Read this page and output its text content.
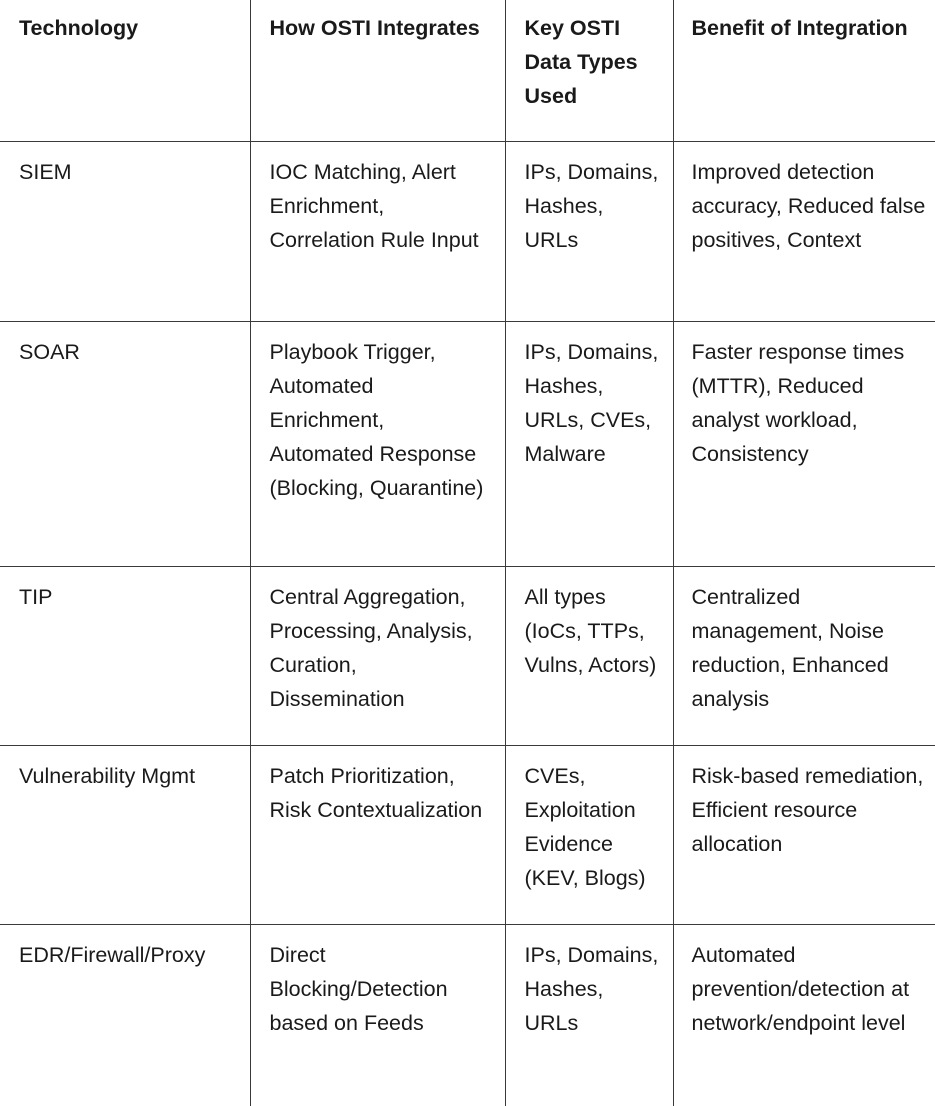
Technology	How OSTI Integrates	Key OSTI Data Types Used	Benefit of Integration
SIEM	IOC Matching, Alert Enrichment, Correlation Rule Input	IPs, Domains, Hashes, URLs	Improved detection accuracy, Reduced false positives, Context
SOAR	Playbook Trigger, Automated Enrichment, Automated Response (Blocking, Quarantine)	IPs, Domains, Hashes, URLs, CVEs, Malware	Faster response times (MTTR), Reduced analyst workload, Consistency
TIP	Central Aggregation, Processing, Analysis, Curation, Dissemination	All types (IoCs, TTPs, Vulns, Actors)	Centralized management, Noise reduction, Enhanced analysis
Vulnerability Mgmt	Patch Prioritization, Risk Contextualization	CVEs, Exploitation Evidence (KEV, Blogs)	Risk-based remediation, Efficient resource allocation
EDR/Firewall/Proxy	Direct Blocking/Detection based on Feeds	IPs, Domains, Hashes, URLs	Automated prevention/detection at network/endpoint level
